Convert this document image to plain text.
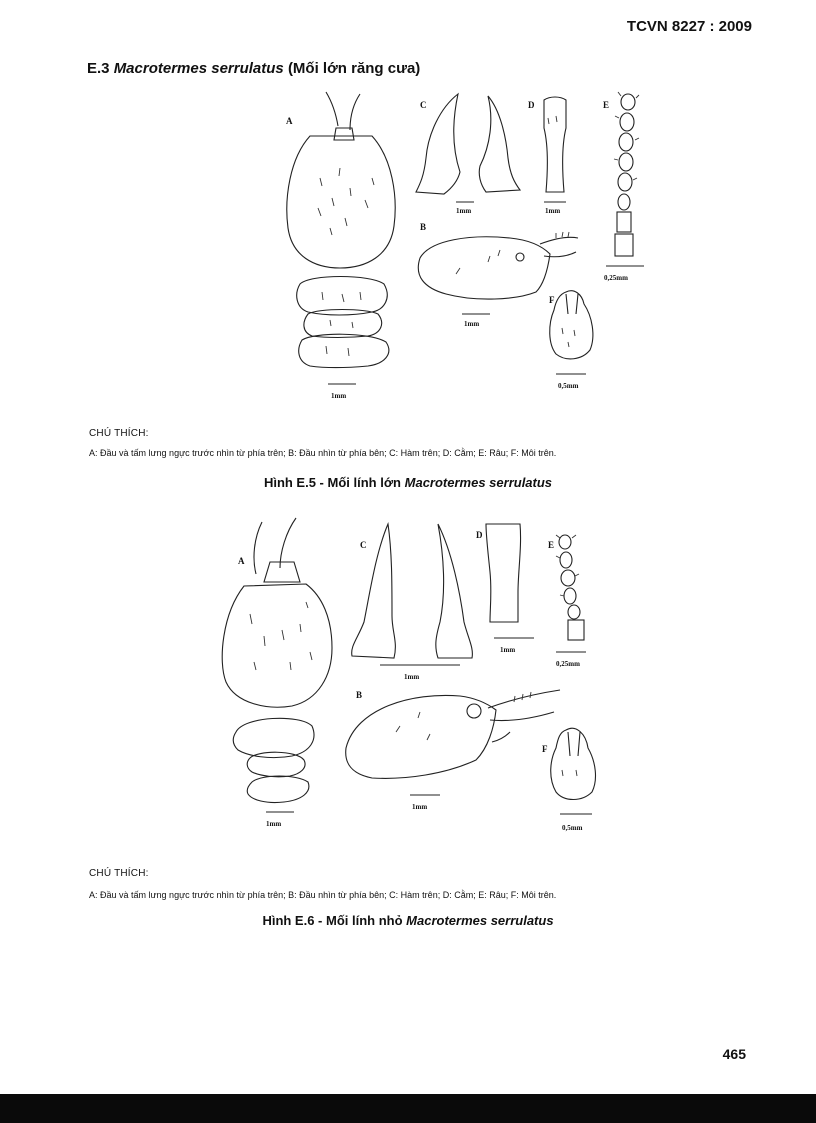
TCVN 8227 : 2009
E.3 Macrotermes serrulatus (Mối lớn răng cưa)
A
1mm
C
1mm
D
1mm
E
0,25mm
B
1mm
F
0,5mm
CHÚ THÍCH:
A: Đầu và tấm lưng ngực trước nhìn từ phía trên; B: Đầu nhìn từ phía bên; C: Hàm trên; D: Cằm; E: Râu; F: Môi trên.
Hình E.5 - Mối lính lớn Macrotermes serrulatus
A
1mm
C
1mm
D
1mm
E
0,25mm
B
1mm
F
0,5mm
CHÚ THÍCH:
A: Đầu và tấm lưng ngực trước nhìn từ phía trên; B: Đầu nhìn từ phía bên; C: Hàm trên; D: Cằm; E: Râu; F: Môi trên.
Hình E.6 - Mối lính nhỏ Macrotermes serrulatus
465
